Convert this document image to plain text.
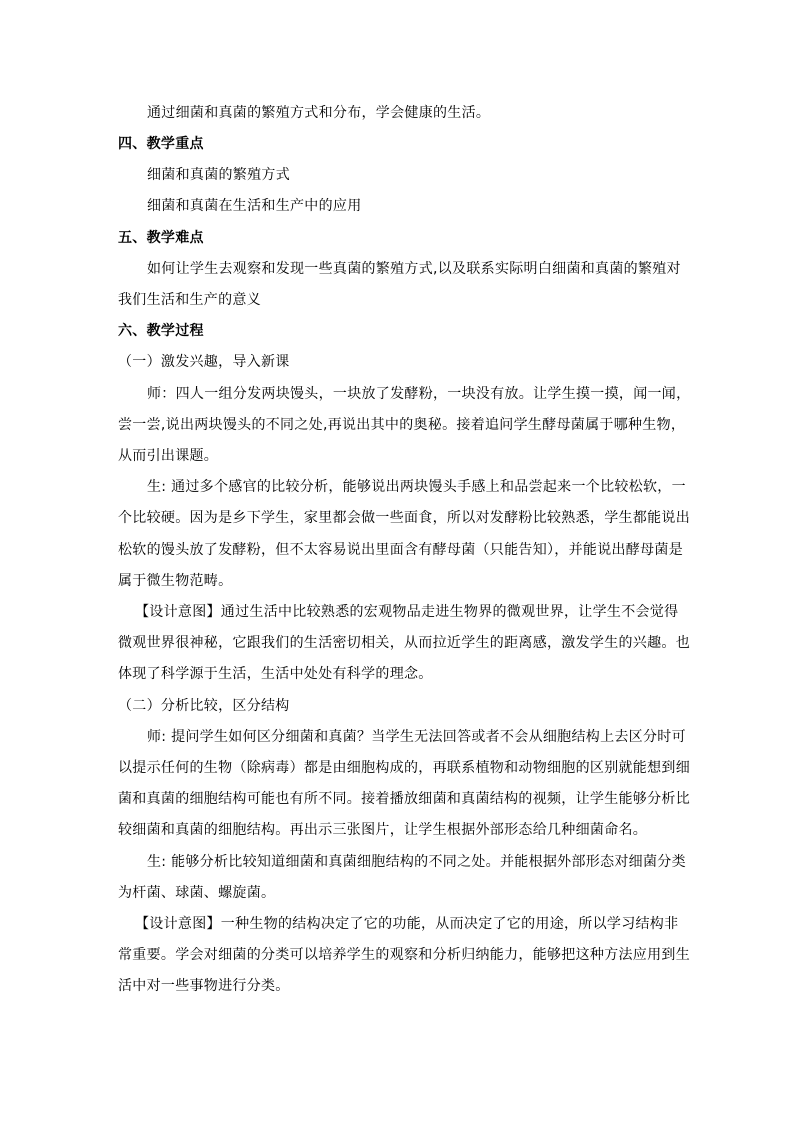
通过细菌和真菌的繁殖方式和分布，学会健康的生活。
四、教学重点
细菌和真菌的繁殖方式
细菌和真菌在生活和生产中的应用
五、教学难点
如何让学生去观察和发现一些真菌的繁殖方式,以及联系实际明白细菌和真菌的繁殖对
我们生活和生产的意义
六、教学过程
（一）激发兴趣，导入新课
师：四人一组分发两块馒头，一块放了发酵粉，一块没有放。让学生摸一摸，闻一闻，
尝一尝,说出两块馒头的不同之处,再说出其中的奥秘。接着追问学生酵母菌属于哪种生物，
从而引出课题。
生: 通过多个感官的比较分析，能够说出两块馒头手感上和品尝起来一个比较松软，一
个比较硬。因为是乡下学生，家里都会做一些面食，所以对发酵粉比较熟悉，学生都能说出
松软的馒头放了发酵粉，但不太容易说出里面含有酵母菌（只能告知），并能说出酵母菌是
属于微生物范畴。
【设计意图】通过生活中比较熟悉的宏观物品走进生物界的微观世界，让学生不会觉得
微观世界很神秘，它跟我们的生活密切相关，从而拉近学生的距离感，激发学生的兴趣。也
体现了科学源于生活，生活中处处有科学的理念。
（二）分析比较，区分结构
师: 提问学生如何区分细菌和真菌？当学生无法回答或者不会从细胞结构上去区分时可
以提示任何的生物（除病毒）都是由细胞构成的，再联系植物和动物细胞的区别就能想到细
菌和真菌的细胞结构可能也有所不同。接着播放细菌和真菌结构的视频，让学生能够分析比
较细菌和真菌的细胞结构。再出示三张图片，让学生根据外部形态给几种细菌命名。
生: 能够分析比较知道细菌和真菌细胞结构的不同之处。并能根据外部形态对细菌分类
为杆菌、球菌、螺旋菌。
【设计意图】一种生物的结构决定了它的功能，从而决定了它的用途，所以学习结构非
常重要。学会对细菌的分类可以培养学生的观察和分析归纳能力，能够把这种方法应用到生
活中对一些事物进行分类。
